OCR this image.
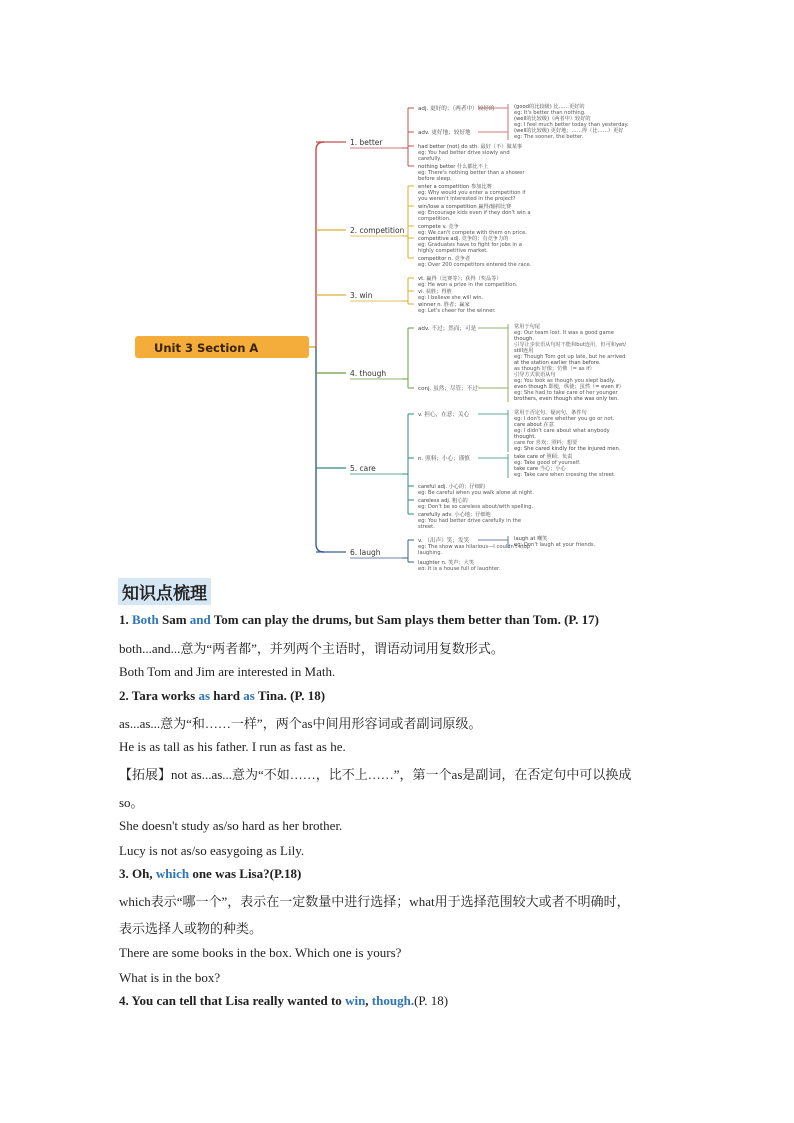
Unit 3 Section A
1. better
adj. 更好的；（两者中）较好的	(good的比较级) 比……更好的
eg: It's better than nothing.
(well的比较级)（两者中）较好的
eg: I feel much better today than yesterday.
adv. 更好地；较好地	(well的比较级) 更好地；……得（比……）更好
eg: The sooner, the better.
had better (not) do sth. 最好（不）做某事
eg: You had better drive slowly and
carefully.
nothing better 什么都比不上
eg: There's nothing better than a shower
before sleep.
2. competition
enter a competition 参加比赛
eg: Why would you enter a competition if
you weren't interested in the project?
win/lose a competition 赢得/输掉比赛
eg: Encourage kids even if they don't win a
competition.
compete v. 竞争
eg: We can't compete with them on price.
competitive adj. 竞争的；有竞争力的
eg: Graduates have to fight for jobs in a
highly competitive market.
competitor n. 竞争者
eg: Over 200 competitors entered the race.
3. win
vt. 赢得（比赛等）；获得（奖品等）
eg: He won a prize in the competition.
vi. 获胜；得胜
eg: I believe she will win.
winner n. 胜者；赢家
eg: Let's cheer for the winner.
4. though
adv. 不过；然而；可是	常用于句尾
eg: Our team lost. It was a good game
though.
引导让步状语从句时不能和but连用，但可和yet/
still连用
eg: Though Tom got up late, but he arrived
at the station earlier than before.
as though 好像；仿佛（= as if）
引导方式状语从句
eg: You look as though you slept badly.
conj. 虽然；尽管；不过	even though 即使，纵使；虽然（= even if）
eg: She had to take care of her younger
brothers, even though she was only ten.
5. care
v. 担心，在意；关心	常用于否定句、疑问句、条件句
eg: I don't care whether you go or not.
care about 在意
eg: I didn't care about what anybody
thought.
care for 喜欢；照料；想要
eg: She cared kindly for the injured men.
n. 照料；小心；谨慎	take care of 照顾；负责
eg: Take good of yourself.
take care 当心；小心
eg: Take care when crossing the street.
careful adj. 小心的；仔细的
eg: Be careful when you walk alone at night.
careless adj. 粗心的
eg: Don't be so careless about/with spelling.
carefully adv. 小心地；仔细地
eg: You had better drive carefully in the
street.
6. laugh
v. （出声）笑；发笑
eg: The show was hilarious—I couldn't stop
laughing.
laugh at 嘲笑
eg: Don't laugh at your friends.
laughter n. 笑声；大笑
eg: It is a house full of laughter.
知识点梳理
1. Both Sam and Tom can play the drums, but Sam plays them better than Tom. (P. 17)
both...and...意为“两者都”，并列两个主语时，谓语动词用复数形式。
Both Tom and Jim are interested in Math.
2. Tara works as hard as Tina. (P. 18)
as...as...意为“和……一样”，两个as中间用形容词或者副词原级。
He is as tall as his father. I run as fast as he.
【拓展】not as...as...意为“不如……，比不上……”，第一个as是副词，在否定句中可以换成
so。
She doesn't study as/so hard as her brother.
Lucy is not as/so easygoing as Lily.
3. Oh, which one was Lisa?(P.18)
which表示“哪一个”，表示在一定数量中进行选择；what用于选择范围较大或者不明确时，
表示选择人或物的种类。
There are some books in the box. Which one is yours?
What is in the box?
4. You can tell that Lisa really wanted to win, though.(P. 18)
